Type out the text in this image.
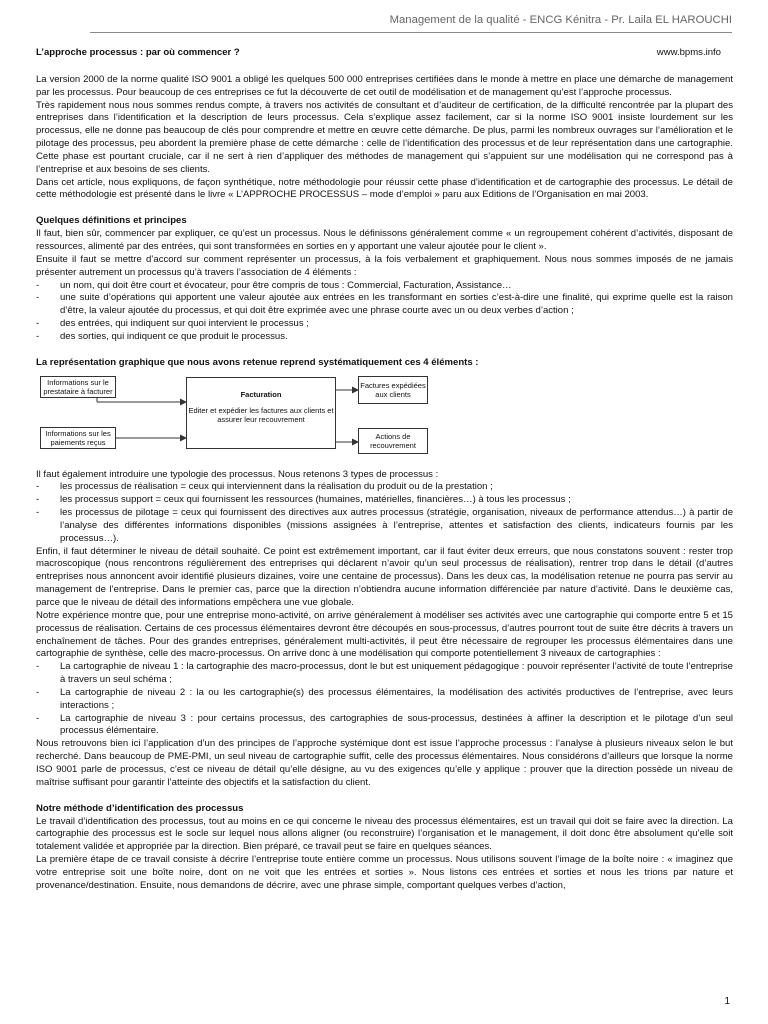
Management de la qualité - ENCG Kénitra - Pr. Laila EL HAROUCHI

L’approche processus : par où commencer ?	www.bpms.info

La version 2000 de la norme qualité ISO 9001 a obligé les quelques 500 000 entreprises certifiées dans le monde à mettre en place une démarche de management par les processus. Pour beaucoup de ces entreprises ce fut la découverte de cet outil de modélisation et de management qu’est l’approche processus.

Très rapidement nous nous sommes rendus compte, à travers nos activités de consultant et d’auditeur de certification, de la difficulté rencontrée par la plupart des entreprises dans l’identification et la description de leurs processus. Cela s’explique assez facilement, car si la norme ISO 9001 insiste lourdement sur les processus, elle ne donne pas beaucoup de clés pour comprendre et mettre en œuvre cette démarche. De plus, parmi les nombreux ouvrages sur l’amélioration et le pilotage des processus, peu abordent la première phase de cette démarche : celle de l’identification des processus et de leur représentation dans une cartographie. Cette phase est pourtant cruciale, car il ne sert à rien d’appliquer des méthodes de management qui s’appuient sur une modélisation qui ne correspond pas à l’entreprise et aux besoins de ses clients.

Dans cet article, nous expliquons, de façon synthétique, notre méthodologie pour réussir cette phase d’identification et de cartographie des processus. Le détail de cette méthodologie est présenté dans le livre « L’APPROCHE PROCESSUS – mode d’emploi » paru aux Editions de l’Organisation en mai 2003.

Quelques définitions et principes

Il faut, bien sûr, commencer par expliquer, ce qu’est un processus. Nous le définissons généralement comme « un regroupement cohérent d’activités, disposant de ressources, alimenté par des entrées, qui sont transformées en sorties en y apportant une valeur ajoutée pour le client ».

Ensuite il faut se mettre d’accord sur comment représenter un processus, à la fois verbalement et graphiquement. Nous nous sommes imposés de ne jamais présenter autrement un processus qu’à travers l’association de 4 éléments :

- un nom, qui doit être court et évocateur, pour être compris de tous : Commercial, Facturation, Assistance…
- une suite d’opérations qui apportent une valeur ajoutée aux entrées en les transformant en sorties c’est-à-dire une finalité, qui exprime quelle est la raison d’être, la valeur ajoutée du processus, et qui doit être exprimée avec une phrase courte avec un ou deux verbes d’action ;
- des entrées, qui indiquent sur quoi intervient le processus ;
- des sorties, qui indiquent ce que produit le processus.

La représentation graphique que nous avons retenue reprend systématiquement ces 4 éléments :

Informations sur le prestataire à facturer
Informations sur les paiements reçus
Facturation
Editer et expédier les factures aux clients et assurer leur recouvrement
Factures expédiées aux clients
Actions de recouvrement

Il faut également introduire une typologie des processus. Nous retenons 3 types de processus :

- les processus de réalisation = ceux qui interviennent dans la réalisation du produit ou de la prestation ;
- les processus support = ceux qui fournissent les ressources (humaines, matérielles, financières…) à tous les processus ;
- les processus de pilotage = ceux qui fournissent des directives aux autres processus (stratégie, organisation, niveaux de performance attendus…) à partir de l’analyse des différentes informations disponibles (missions assignées à l’entreprise, attentes et satisfaction des clients, indicateurs fournis par les processus…).

Enfin, il faut déterminer le niveau de détail souhaité. Ce point est extrêmement important, car il faut éviter deux erreurs, que nous constatons souvent : rester trop macroscopique (nous rencontrons régulièrement des entreprises qui déclarent n’avoir qu’un seul processus de réalisation), rentrer trop dans le détail (d’autres entreprises nous annoncent avoir identifié plusieurs dizaines, voire une centaine de processus). Dans les deux cas, la modélisation retenue ne pourra pas servir au management de l’entreprise. Dans le premier cas, parce que la direction n’obtiendra aucune information différenciée par nature d’activité. Dans le deuxième cas, parce que le niveau de détail des informations empêchera une vue globale.

Notre expérience montre que, pour une entreprise mono-activité, on arrive généralement à modéliser ses activités avec une cartographie qui comporte entre 5 et 15 processus de réalisation. Certains de ces processus élémentaires devront être découpés en sous-processus, d’autres pourront tout de suite être décrits à travers un enchaînement de tâches. Pour des grandes entreprises, généralement multi-activités, il peut être nécessaire de regrouper les processus élémentaires dans une cartographie de synthèse, celle des macro-processus. On arrive donc à une modélisation qui comporte potentiellement 3 niveaux de cartographies :

- La cartographie de niveau 1 : la cartographie des macro-processus, dont le but est uniquement pédagogique : pouvoir représenter l’activité de toute l’entreprise à travers un seul schéma ;
- La cartographie de niveau 2 : la ou les cartographie(s) des processus élémentaires, la modélisation des activités productives de l’entreprise, avec leurs interactions ;
- La cartographie de niveau 3 : pour certains processus, des cartographies de sous-processus, destinées à affiner la description et le pilotage d’un seul processus élémentaire.

Nous retrouvons bien ici l’application d’un des principes de l’approche systémique dont est issue l’approche processus : l’analyse à plusieurs niveaux selon le but recherché. Dans beaucoup de PME-PMI, un seul niveau de cartographie suffit, celle des processus élémentaires. Nous considérons d’ailleurs que lorsque la norme ISO 9001 parle de processus, c’est ce niveau de détail qu’elle désigne, au vu des exigences qu’elle y applique : prouver que la direction possède un niveau de maîtrise suffisant pour garantir l’atteinte des objectifs et la satisfaction du client.

Notre méthode d’identification des processus

Le travail d’identification des processus, tout au moins en ce qui concerne le niveau des processus élémentaires, est un travail qui doit se faire avec la direction. La cartographie des processus est le socle sur lequel nous allons aligner (ou reconstruire) l’organisation et le management, il doit donc être absolument qu’elle soit totalement validée et appropriée par la direction. Bien préparé, ce travail peut se faire en quelques séances.

La première étape de ce travail consiste à décrire l’entreprise toute entière comme un processus. Nous utilisons souvent l’image de la boîte noire : « imaginez que votre entreprise soit une boîte noire, dont on ne voit que les entrées et sorties ». Nous listons ces entrées et sorties et nous les trions par nature et provenance/destination. Ensuite, nous demandons de décrire, avec une phrase simple, comportant quelques verbes d’action,

1
